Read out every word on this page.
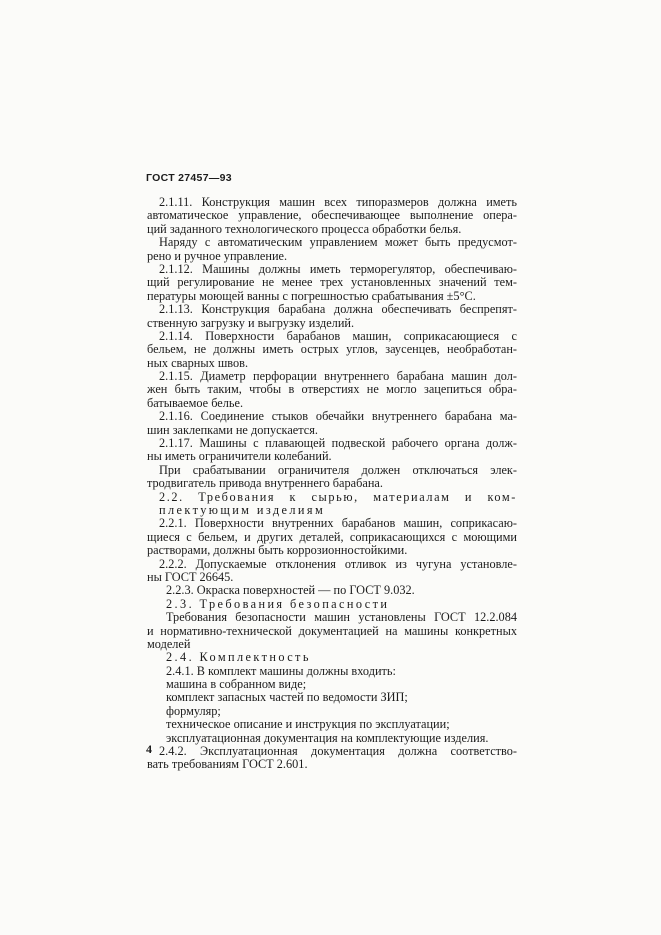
ГОСТ 27457—93
2.1.11. Конструкция машин всех типоразмеров должна иметь
автоматическое управление, обеспечивающее выполнение опера-
ций заданного технологического процесса обработки белья.
Наряду с автоматическим управлением может быть предусмот-
рено и ручное управление.
2.1.12. Машины должны иметь терморегулятор, обеспечиваю-
щий регулирование не менее трех установленных значений тем-
пературы моющей ванны с погрешностью срабатывания ±5°С.
2.1.13. Конструкция барабана должна обеспечивать беспрепят-
ственную загрузку и выгрузку изделий.
2.1.14. Поверхности барабанов машин, соприкасающиеся с
бельем, не должны иметь острых углов, заусенцев, необработан-
ных сварных швов.
2.1.15. Диаметр перфорации внутреннего барабана машин дол-
жен быть таким, чтобы в отверстиях не могло зацепиться обра-
батываемое белье.
2.1.16. Соединение стыков обечайки внутреннего барабана ма-
шин заклепками не допускается.
2.1.17. Машины с плавающей подвеской рабочего органа долж-
ны иметь ограничители колебаний.
При срабатывании ограничителя должен отключаться элек-
тродвигатель привода внутреннего барабана.
2.2. Требования к сырью, материалам и ком-
плектующим изделиям
2.2.1. Поверхности внутренних барабанов машин, соприкасаю-
щиеся с бельем, и других деталей, соприкасающихся с моющими
растворами, должны быть коррозионностойкими.
2.2.2. Допускаемые отклонения отливок из чугуна установле-
ны ГОСТ 26645.
2.2.3. Окраска поверхностей — по ГОСТ 9.032.
2.3. Требования безопасности
Требования безопасности машин установлены ГОСТ 12.2.084
и нормативно-технической документацией на машины конкретных
моделей
2.4. Комплектность
2.4.1. В комплект машины должны входить:
машина в собранном виде;
комплект запасных частей по ведомости ЗИП;
формуляр;
техническое описание и инструкция по эксплуатации;
эксплуатационная документация на комплектующие изделия.
2.4.2. Эксплуатационная документация должна соответство-
вать требованиям ГОСТ 2.601.
4
